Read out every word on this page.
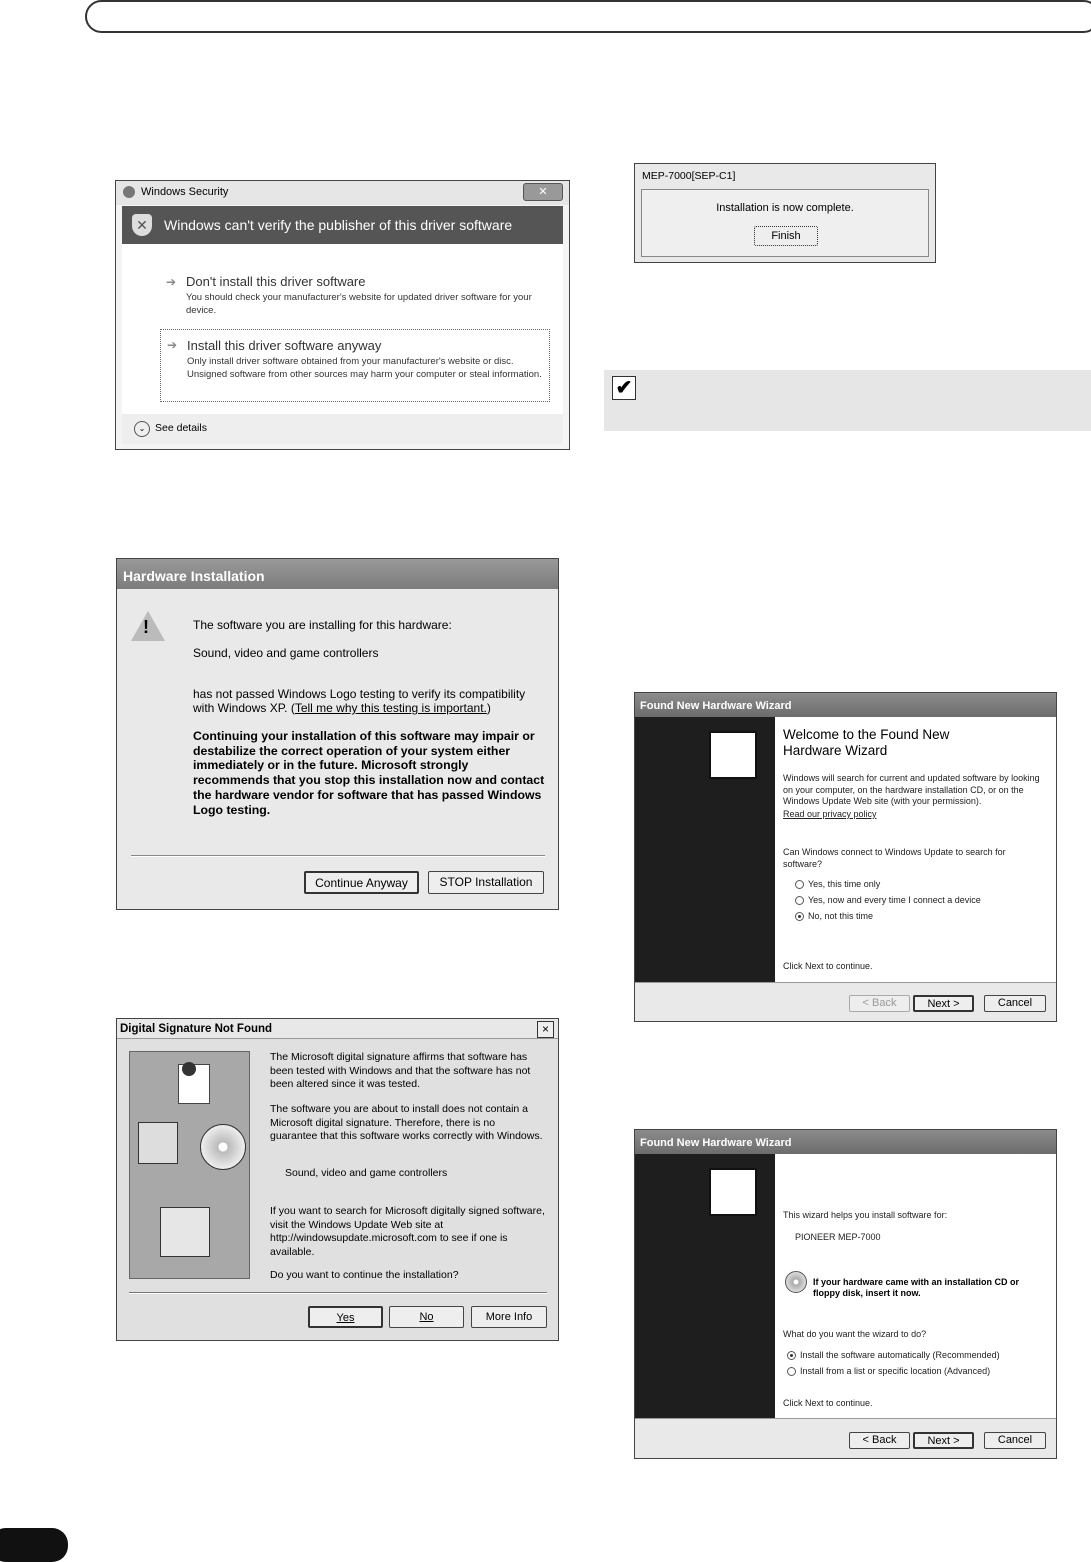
Windows Security	✕
✕ Windows can't verify the publisher of this driver software
➔ Don't install this driver software
You should check your manufacturer's website for updated driver software for your device.
➔ Install this driver software anyway
Only install driver software obtained from your manufacturer's website or disc. Unsigned software from other sources may harm your computer or steal information.
⌄ See details
Hardware Installation
!	The software you are installing for this hardware:
Sound, video and game controllers
has not passed Windows Logo testing to verify its compatibility with Windows XP. (Tell me why this testing is important.)
Continuing your installation of this software may impair or destabilize the correct operation of your system either immediately or in the future. Microsoft strongly recommends that you stop this installation now and contact the hardware vendor for software that has passed Windows Logo testing.
Continue Anyway	STOP Installation
Digital Signature Not Found	×
The Microsoft digital signature affirms that software has been tested with Windows and that the software has not been altered since it was tested.
The software you are about to install does not contain a Microsoft digital signature. Therefore, there is no guarantee that this software works correctly with Windows.
Sound, video and game controllers
If you want to search for Microsoft digitally signed software, visit the Windows Update Web site at http://windowsupdate.microsoft.com to see if one is available.
Do you want to continue the installation?
Yes	No	More Info
MEP-7000[SEP-C1]
Installation is now complete.
Finish
✔
Found New Hardware Wizard
Welcome to the Found New Hardware Wizard
Windows will search for current and updated software by looking on your computer, on the hardware installation CD, or on the Windows Update Web site (with your permission).
Read our privacy policy
Can Windows connect to Windows Update to search for software?
Yes, this time only
Yes, now and every time I connect a device
No, not this time
Click Next to continue.
< Back	Next >	Cancel
Found New Hardware Wizard
This wizard helps you install software for:
PIONEER MEP-7000
If your hardware came with an installation CD or floppy disk, insert it now.
What do you want the wizard to do?
Install the software automatically (Recommended)
Install from a list or specific location (Advanced)
Click Next to continue.
< Back	Next >	Cancel
